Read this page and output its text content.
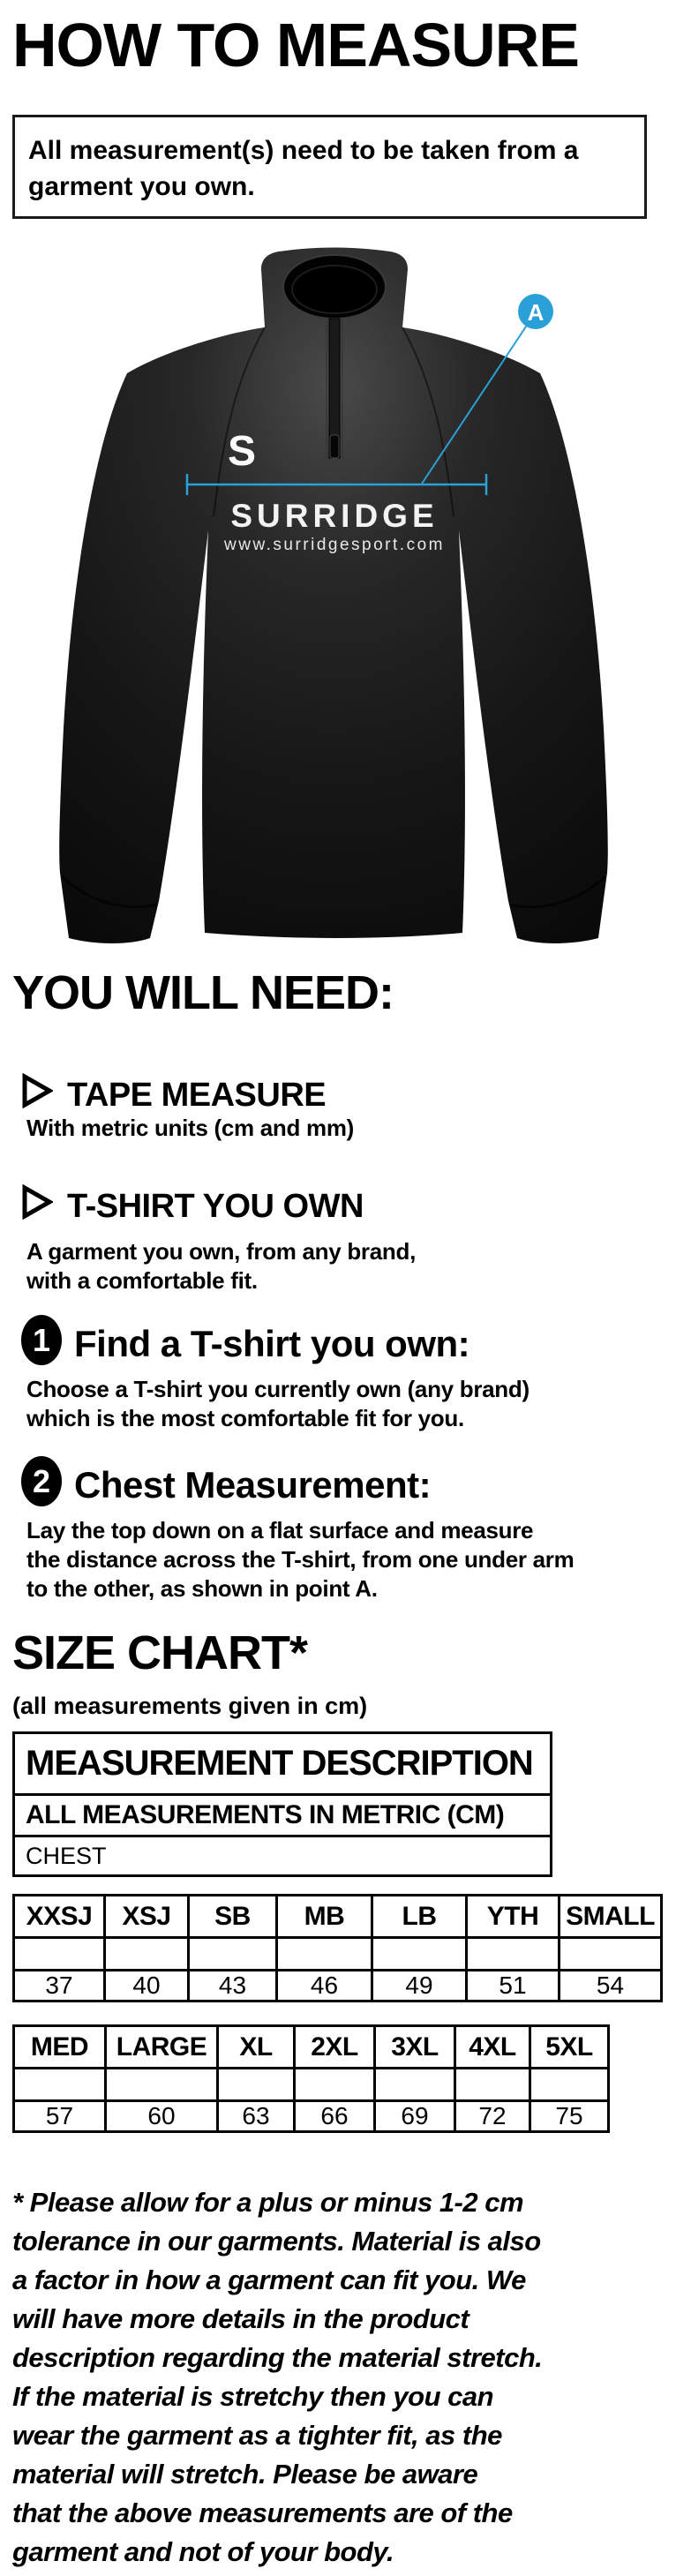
HOW TO MEASURE
All measurement(s) need to be taken from a
garment you own.
S
SURRIDGE
www.surridgesport.com
A
YOU WILL NEED:
TAPE MEASURE
With metric units (cm and mm)
T-SHIRT YOU OWN
A garment you own, from any brand,
with a comfortable fit.
1 Find a T-shirt you own:
Choose a T-shirt you currently own (any brand)
which is the most comfortable fit for you.
2 Chest Measurement:
Lay the top down on a flat surface and measure
the distance across the T-shirt, from one under arm
to the other, as shown in point A.
SIZE CHART*
(all measurements given in cm)
MEASUREMENT DESCRIPTION
ALL MEASUREMENTS IN METRIC (CM)
CHEST
XXSJ	XSJ	SB	MB	LB	YTH	SMALL

37	40	43	46	49	51	54
MED	LARGE	XL	2XL	3XL	4XL	5XL

57	60	63	66	69	72	75
* Please allow for a plus or minus 1-2 cm
tolerance in our garments. Material is also
a factor in how a garment can fit you. We
will have more details in the product
description regarding the material stretch.
If the material is stretchy then you can
wear the garment as a tighter fit, as the
material will stretch. Please be aware
that the above measurements are of the
garment and not of your body.
